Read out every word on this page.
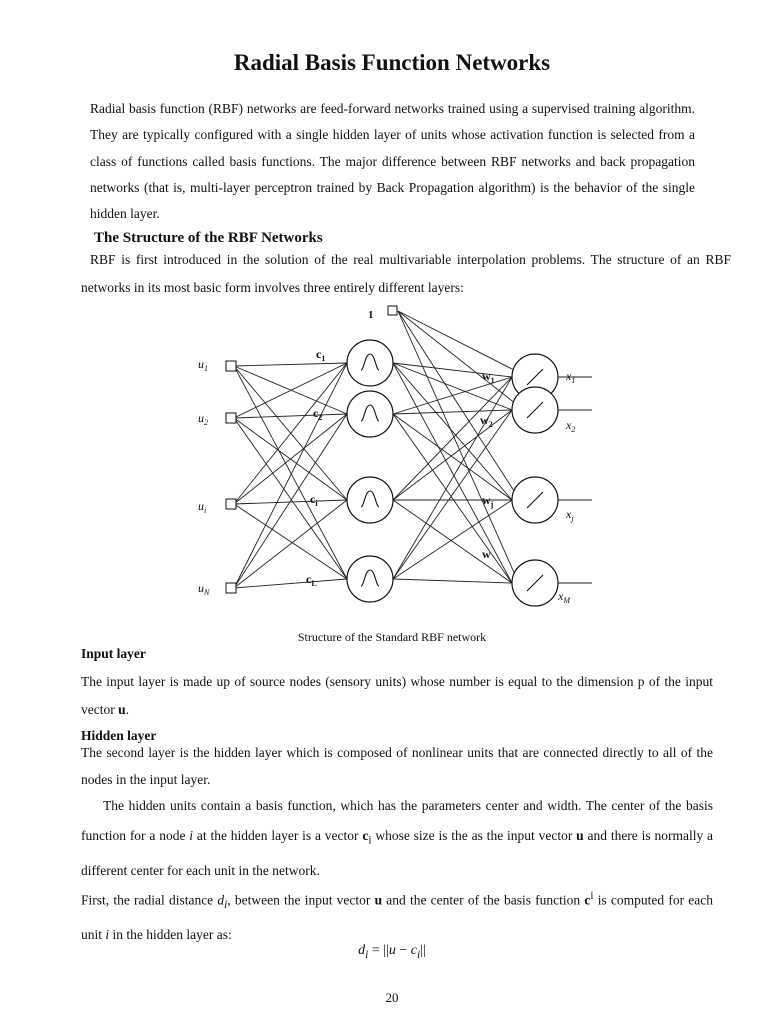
Radial Basis Function Networks
Radial basis function (RBF) networks are feed-forward networks trained using a supervised training algorithm. They are typically configured with a single hidden layer of units whose activation function is selected from a class of functions called basis functions. The major difference between RBF networks and back propagation networks (that is, multi-layer perceptron trained by Back Propagation algorithm) is the behavior of the single hidden layer.
The Structure of the RBF Networks
RBF is first introduced in the solution of the real multivariable interpolation problems. The structure of an RBF networks in its most basic form involves three entirely different layers:
1
$u_1$
$u_2$
$u_i$
$u_N$
$c_1$
$c_2$
$c_i$
$c_L$
$w_1$
$w_2$
$w_j$
w
$x_1$
$x_2$
$x_j$
$x_M$
Structure of the Standard RBF network
Input layer
The input layer is made up of source nodes (sensory units) whose number is equal to the dimension p of the input vector u.
Hidden layer
The second layer is the hidden layer which is composed of nonlinear units that are connected directly to all of the nodes in the input layer.
The hidden units contain a basis function, which has the parameters center and width. The center of the basis function for a node i at the hidden layer is a vector $c_i$ whose size is the as the input vector u and there is normally a different center for each unit in the network.
First, the radial distance $d_i$, between the input vector u and the center of the basis function $c^i$ is computed for each unit i in the hidden layer as:
$d_i = ||u - c_i||$
20
